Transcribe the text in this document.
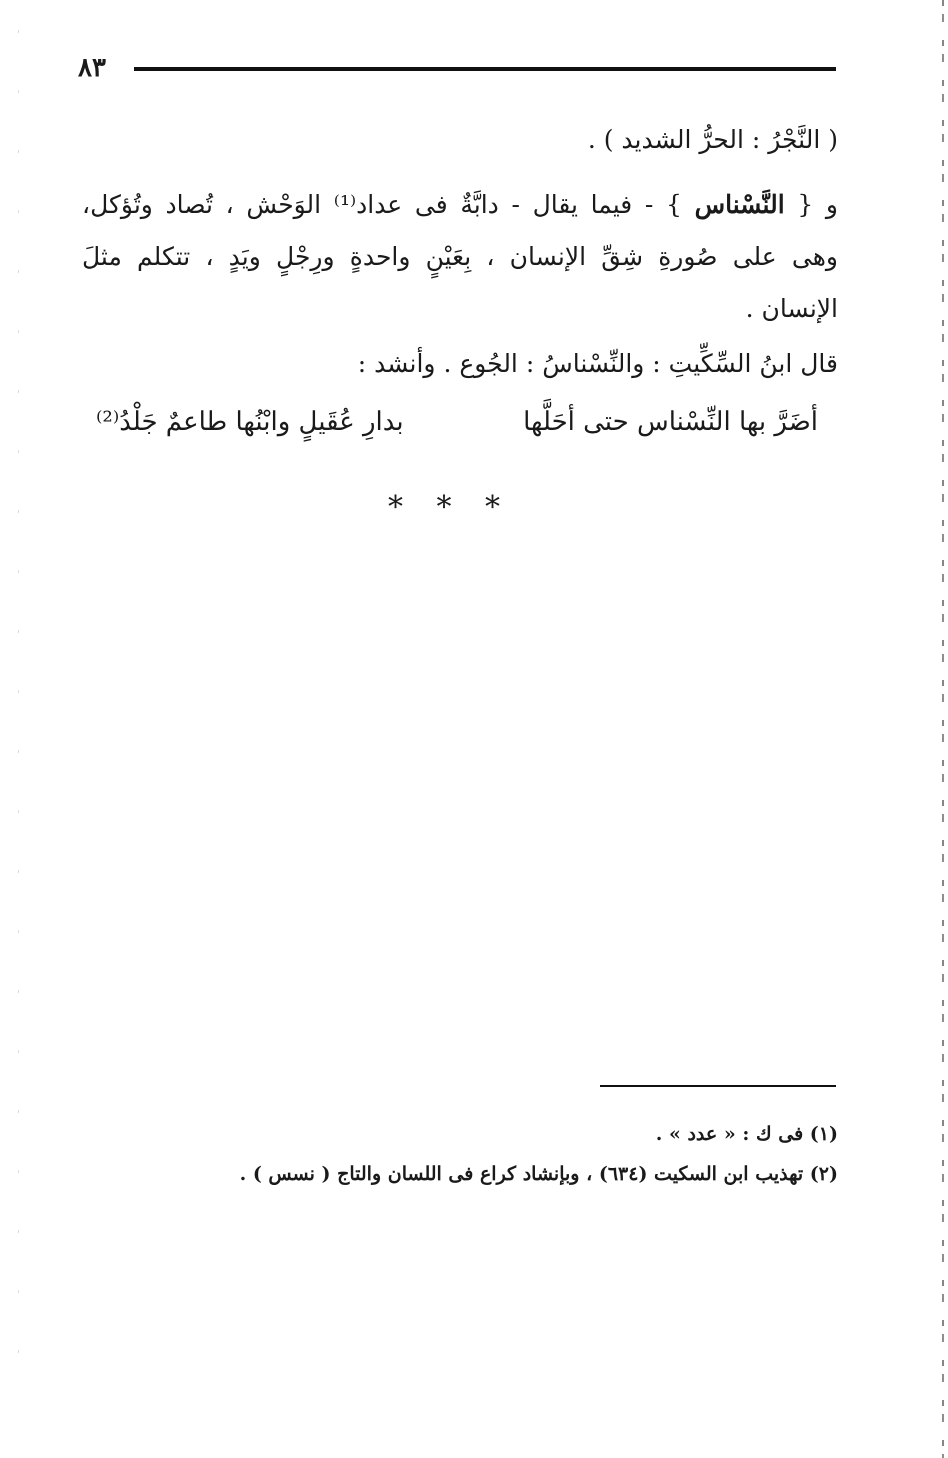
٨٣
( النَّجْرُ : الحرُّ الشديد ) .
و { النَّسْناس } - فيما يقال - دابَّةٌ فى عداد⁽¹⁾ الوَحْش ، تُصاد وتُؤكل،
وهى على صُورةِ شِقِّ الإنسان ، بِعَيْنٍ واحدةٍ ورِجْلٍ ويَدٍ ، تتكلم مثلَ
الإنسان .
قال ابنُ السِّكِّيتِ : والنِّسْناسُ : الجُوع . وأنشد :
أضَرَّ بها النِّسْناس حتى أحَلَّها
بدارِ عُقَيلٍ وابْنُها طاعمٌ جَلْدُ⁽²⁾
* * *
(١) فى ك : « عدد » .
(٢) تهذيب ابن السكيت (٦٣٤) ، وبإنشاد كراع فى اللسان والتاج ( نسس ) .
